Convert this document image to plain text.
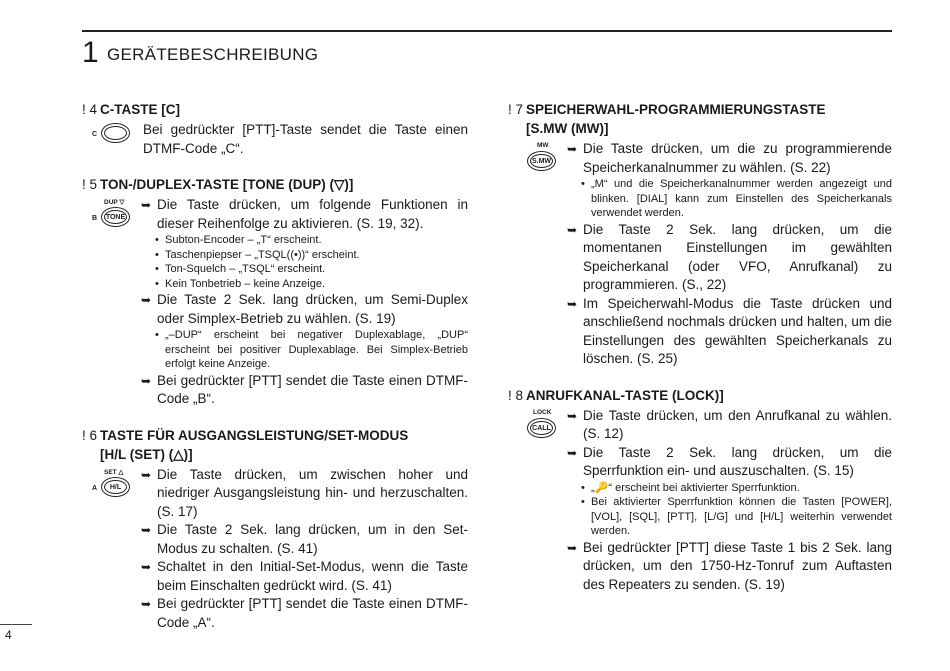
1 GERÄTEBESCHREIBUNG
! 4 C-TASTE [C]
C	Bei gedrückter [PTT]-Taste sendet die Taste einen DTMF-Code „C“.
! 5 TON-/DUPLEX-TASTE [TONE (DUP) (▽)]
DUP ▽
B TONE
➥ Die Taste drücken, um folgende Funktionen in dieser Reihenfolge zu aktivieren. (S. 19, 32).
• Subton-Encoder – „T“ erscheint.
• Taschenpiepser – „TSQL((•))“ erscheint.
• Ton-Squelch – „TSQL“ erscheint.
• Kein Tonbetrieb – keine Anzeige.
➥ Die Taste 2 Sek. lang drücken, um Semi-Duplex oder Simplex-Betrieb zu wählen. (S. 19)
• „–DUP“ erscheint bei negativer Duplexablage, „DUP“ erscheint bei positiver Duplexablage. Bei Simplex-Betrieb erfolgt keine Anzeige.
➥ Bei gedrückter [PTT] sendet die Taste einen DTMF-Code „B“.
! 6 TASTE FÜR AUSGANGSLEISTUNG/SET-MODUS
[H/L (SET) (△)]
SET △
A	H/L
➥ Die Taste drücken, um zwischen hoher und niedriger Ausgangsleistung hin- und herzuschalten. (S. 17)
➥ Die Taste 2 Sek. lang drücken, um in den Set-Modus zu schalten. (S. 41)
➥ Schaltet in den Initial-Set-Modus, wenn die Taste beim Einschalten gedrückt wird. (S. 41)
➥ Bei gedrückter [PTT] sendet die Taste einen DTMF-Code „A“.
! 7 SPEICHERWAHL-PROGRAMMIERUNGSTASTE
[S.MW (MW)]
MW
S.MW
➥ Die Taste drücken, um die zu programmierende Speicherkanalnummer zu wählen. (S. 22)
• „M“ und die Speicherkanalnummer werden angezeigt und blinken. [DIAL] kann zum Einstellen des Speicherkanals verwendet werden.
➥ Die Taste 2 Sek. lang drücken, um die momentanen Einstellungen im gewählten Speicherkanal (oder VFO, Anrufkanal) zu programmieren. (S., 22)
➥ Im Speicherwahl-Modus die Taste drücken und anschließend nochmals drücken und halten, um die Einstellungen des gewählten Speicherkanals zu löschen. (S. 25)
! 8 ANRUFKANAL-TASTE (LOCK)]
LOCK
CALL
➥ Die Taste drücken, um den Anrufkanal zu wählen. (S. 12)
➥ Die Taste 2 Sek. lang drücken, um die Sperrfunktion ein- und auszuschalten. (S. 15)
• „🔑“ erscheint bei aktivierter Sperrfunktion.
• Bei aktivierter Sperrfunktion können die Tasten [POWER], [VOL], [SQL], [PTT], [L/G] und [H/L] weiterhin verwendet werden.
➥ Bei gedrückter [PTT] diese Taste 1 bis 2 Sek. lang drücken, um den 1750-Hz-Tonruf zum Auftasten des Repeaters zu senden. (S. 19)
4
